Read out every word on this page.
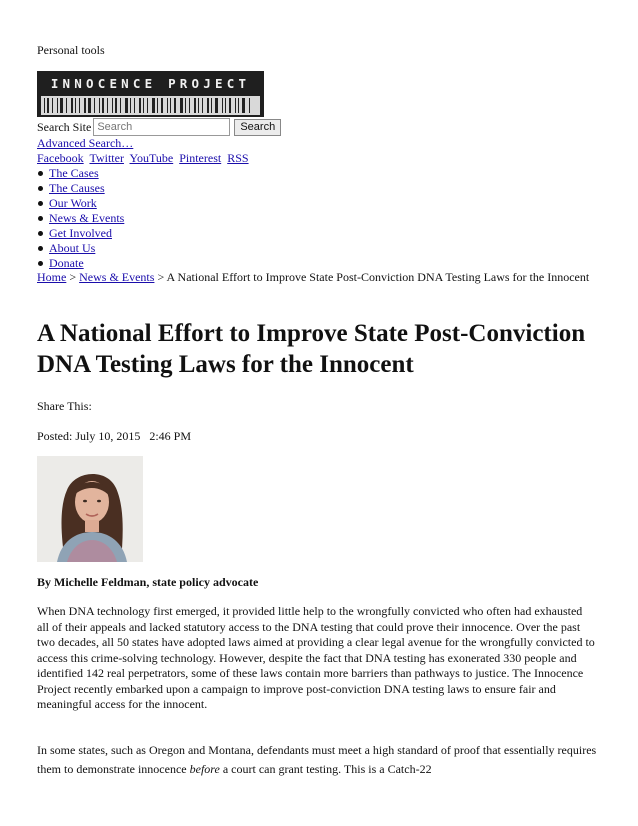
Personal tools
INNOCENCE PROJECT
Search Site
Search	Search
Advanced Search…
Facebook Twitter YouTube Pinterest RSS
The Cases
The Causes
Our Work
News & Events
Get Involved
About Us
Donate
Home > News & Events > A National Effort to Improve State Post-Conviction DNA Testing Laws for the Innocent
A National Effort to Improve State Post-Conviction DNA Testing Laws for the Innocent
Share This:
Posted: July 10, 2015   2:46 PM
By Michelle Feldman, state policy advocate

When DNA technology first emerged, it provided little help to the wrongfully convicted who often had exhausted all of their appeals and lacked statutory access to the DNA testing that could prove their innocence. Over the past two decades, all 50 states have adopted laws aimed at providing a clear legal avenue for the wrongfully convicted to access this crime-solving technology. However, despite the fact that DNA testing has exonerated 330 people and identified 142 real perpetrators, some of these laws contain more barriers than pathways to justice. The Innocence Project recently embarked upon a campaign to improve post-conviction DNA testing laws to ensure fair and meaningful access for the innocent.

In some states, such as Oregon and Montana, defendants must meet a high standard of proof that essentially requires them to demonstrate innocence before a court can grant testing. This is a Catch-22
